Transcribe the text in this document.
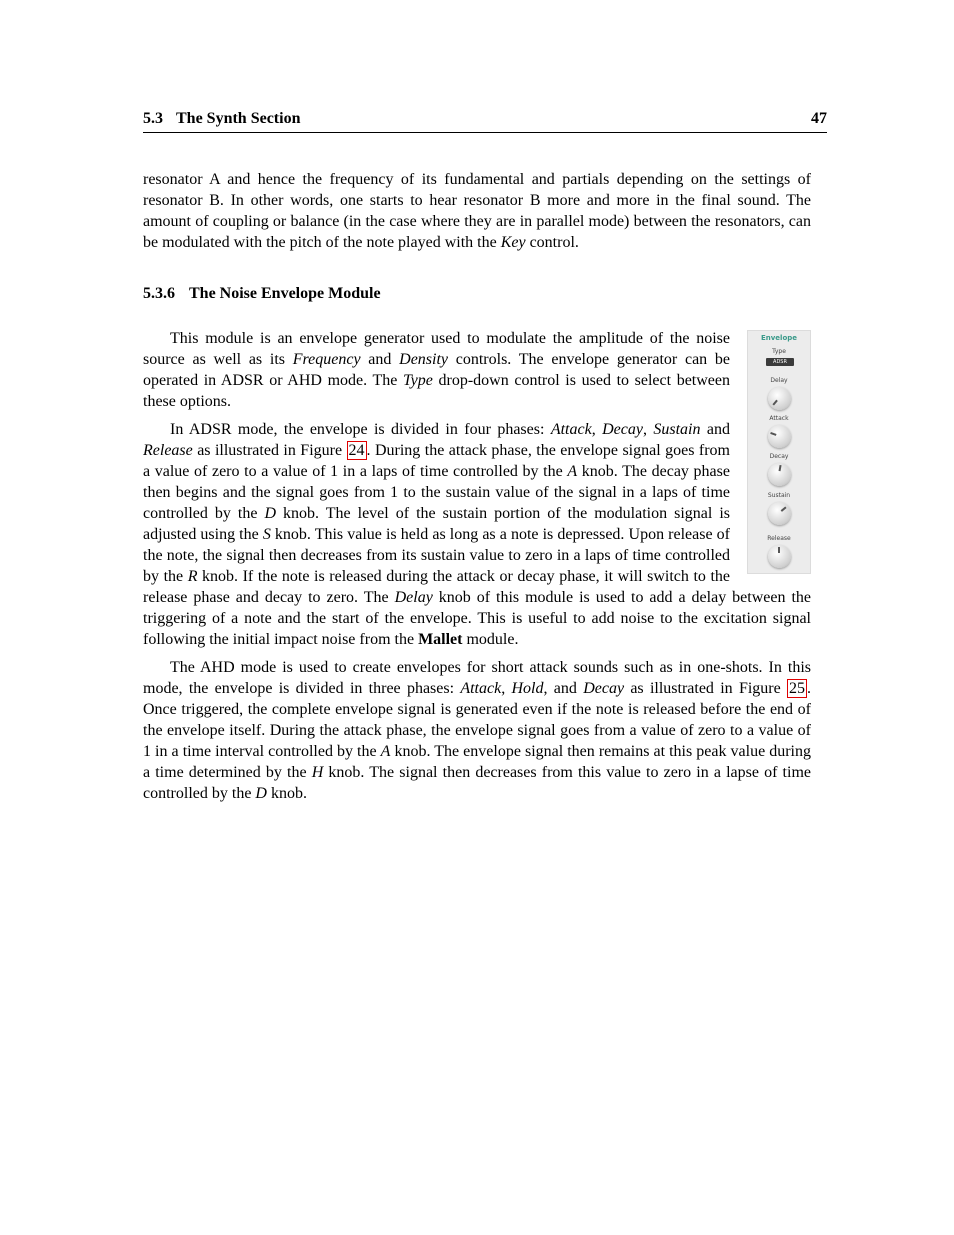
5.3 The Synth Section	47

resonator A and hence the frequency of its fundamental and partials depending on the settings of resonator B. In other words, one starts to hear resonator B more and more in the final sound. The amount of coupling or balance (in the case where they are in parallel mode) between the resonators, can be modulated with the pitch of the note played with the Key control.

5.3.6 The Noise Envelope Module
Envelope
Type
ADSR
Delay
Attack
Decay
Sustain
Release

This module is an envelope generator used to modulate the amplitude of the noise source as well as its Frequency and Density controls. The envelope generator can be operated in ADSR or AHD mode. The Type drop-down control is used to select between these options.

In ADSR mode, the envelope is divided in four phases: Attack, Decay, Sustain and Release as illustrated in Figure 24 . During the attack phase, the envelope signal goes from a value of zero to a value of 1 in a laps of time controlled by the A knob. The decay phase then begins and the signal goes from 1 to the sustain value of the signal in a laps of time controlled by the D knob. The level of the sustain portion of the modulation signal is adjusted using the S knob. This value is held as long as a note is depressed. Upon release of the note, the signal then decreases from its sustain value to zero in a laps of time controlled by the R knob. If the note is released during the attack or decay phase, it will switch to the release phase and decay to zero. The Delay knob of this module is used to add a delay between the triggering of a note and the start of the envelope. This is useful to add noise to the excitation signal following the initial impact noise from the Mallet module.

The AHD mode is used to create envelopes for short attack sounds such as in one-shots. In this mode, the envelope is divided in three phases: Attack, Hold, and Decay as illustrated in Figure 25 . Once triggered, the complete envelope signal is generated even if the note is released before the end of the envelope itself. During the attack phase, the envelope signal goes from a value of zero to a value of 1 in a time interval controlled by the A knob. The envelope signal then remains at this peak value during a time determined by the H knob. The signal then decreases from this value to zero in a lapse of time controlled by the D knob.
